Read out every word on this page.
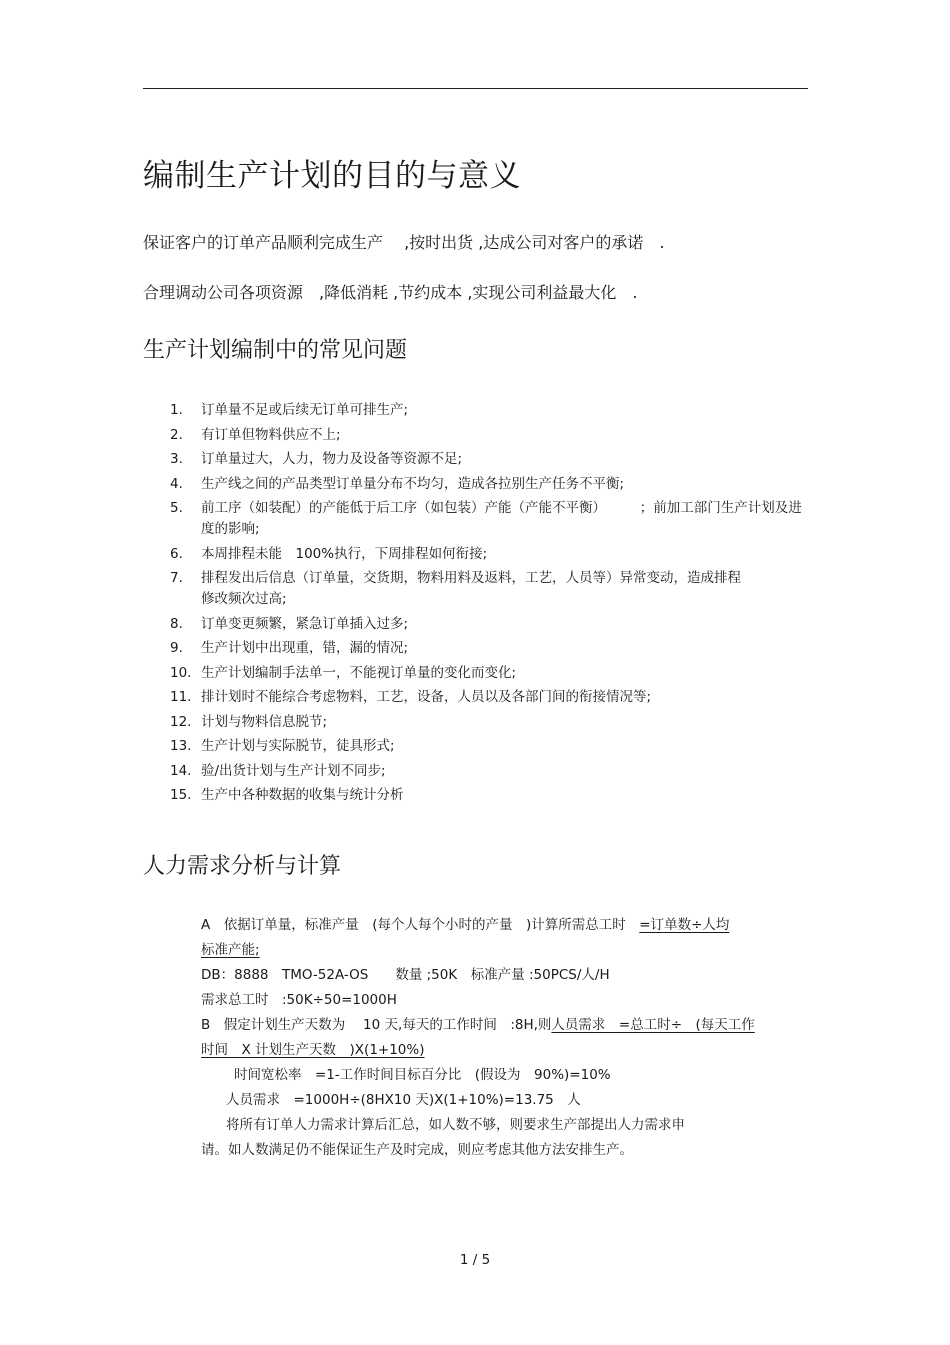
编制生产计划的目的与意义
保证客户的订单产品顺利完成生产　 ,按时出货 ,达成公司对客户的承诺　.
合理调动公司各项资源　,降低消耗 ,节约成本 ,实现公司利益最大化　.
生产计划编制中的常见问题
1. 订单量不足或后续无订单可排生产;
2. 有订单但物料供应不上;
3. 订单量过大，人力，物力及设备等资源不足;
4. 生产线之间的产品类型订单量分布不均匀，造成各拉别生产任务不平衡;
5. 前工序（如装配）的产能低于后工序（如包装）产能（产能不平衡）　　　；前加工部门生产计划及进度的影响;
6. 本周排程未能　100%执行，下周排程如何衔接;
7. 排程发出后信息（订单量，交货期，物料用料及返料，工艺，人员等）异常变动，造成排程修改频次过高;
8. 订单变更频繁，紧急订单插入过多;
9. 生产计划中出现重，错，漏的情况;
10. 生产计划编制手法单一，不能视订单量的变化而变化;
11. 排计划时不能综合考虑物料，工艺，设备，人员以及各部门间的衔接情况等;
12. 计划与物料信息脱节;
13. 生产计划与实际脱节，徒具形式;
14. 验/出货计划与生产计划不同步;
15. 生产中各种数据的收集与统计分析
人力需求分析与计算
A　依据订单量，标准产量　(每个人每个小时的产量　)计算所需总工时　=订单数÷人均
标准产能;
DB：8888　TMO-52A-OS　　数量 ;50K　标准产量 :50PCS/人/H
需求总工时　:50K÷50=1000H
B　假定计划生产天数为　 10 天,每天的工作时间　:8H,则人员需求　=总工时÷　(每天工作
时间　X 计划生产天数　)X(1+10%)
时间宽松率　=1-工作时间目标百分比　(假设为　90%)=10%
人员需求　=1000H÷(8HX10 天)X(1+10%)=13.75　人
将所有订单人力需求计算后汇总，如人数不够，则要求生产部提出人力需求申
请。如人数满足仍不能保证生产及时完成，则应考虑其他方法安排生产。
1 / 5
